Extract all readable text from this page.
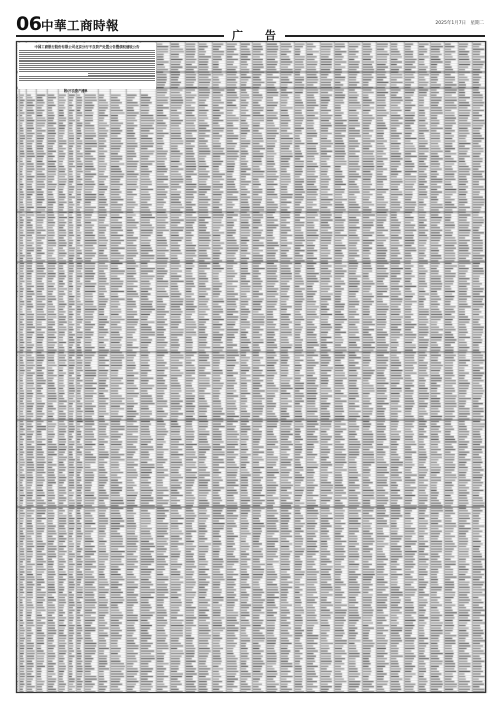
中国工商银行股份有限公司北京分行不良资产处置公告暨债权催收公告
附:不良资产清单
